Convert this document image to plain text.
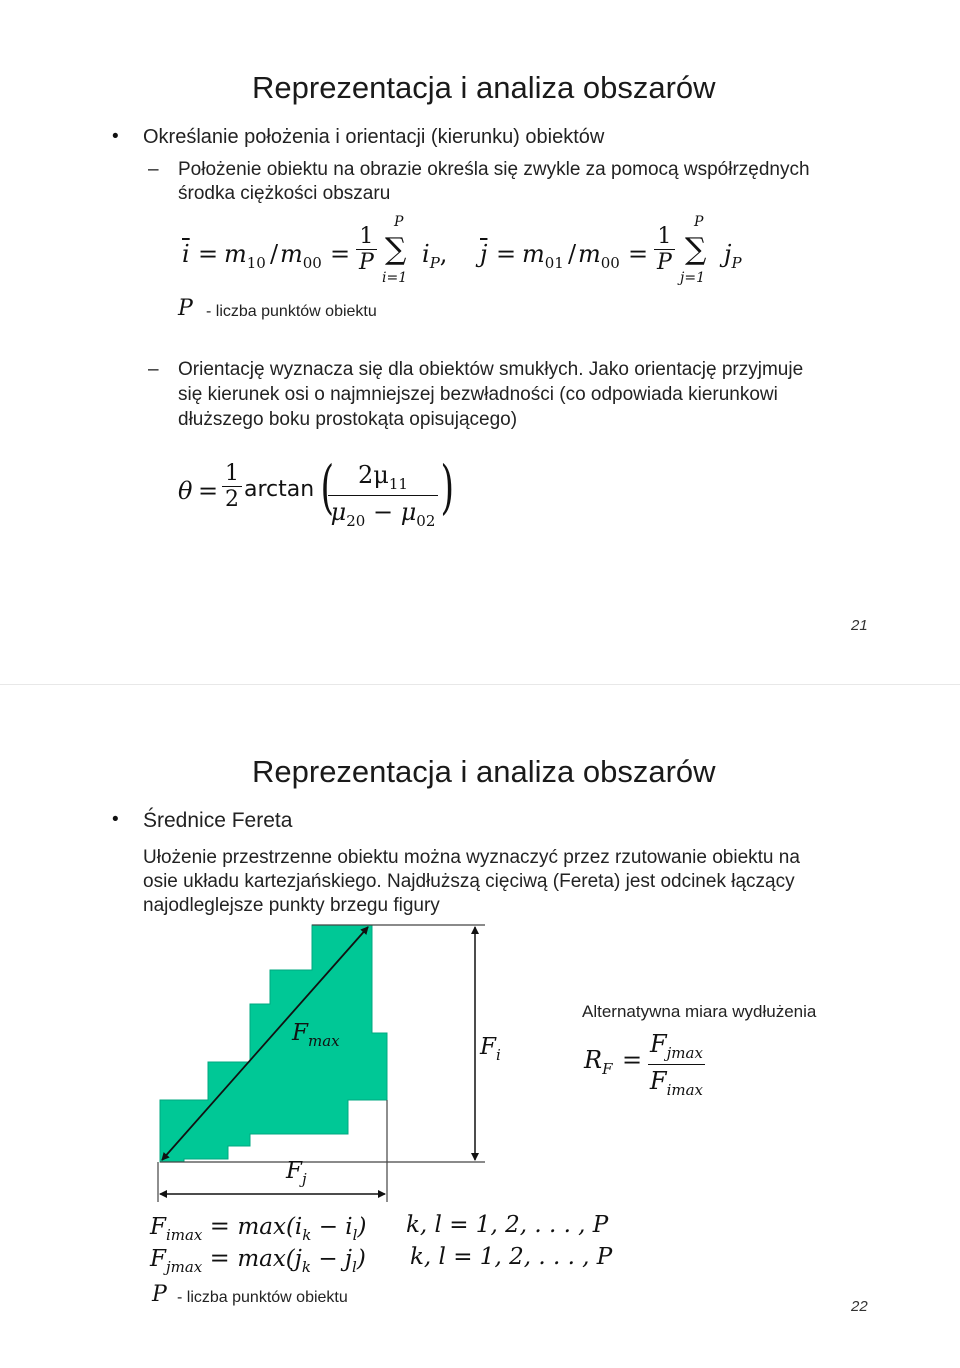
Reprezentacja i analiza obszarów
• Określanie położenia i orientacji (kierunku) obiektów
– Położenie obiektu na obrazie określa się zwykle za pomocą współrzędnych
środka ciężkości obszaru
$\overline{i} = m_{10} / m_{00} = \frac{1}{P}$
P
∑
i=1
$i_P$, $\overline{j} = m_{01} / m_{00} = \frac{1}{P}$
P
∑
j=1
$j_P$
P - liczba punktów obiektu
– Orientację wyznacza się dla obiektów smukłych. Jako orientację przyjmuje
się kierunek osi o najmniejszej bezwładności (co odpowiada kierunkowi
dłuższego boku prostokąta opisującego)
$\theta = \frac{1}{2}$ arctan ( $2\mu_{11}$
$\mu_{20} - \mu_{02}$ )
21
Reprezentacja i analiza obszarów
• Średnice Fereta
Ułożenie przestrzenne obiektu można wyznaczyć przez rzutowanie obiektu na
osie układu kartezjańskiego. Najdłuższą cięciwą (Fereta) jest odcinek łączący
najodleglejsze punkty brzegu figury
$F_{max}$	$F_i$
$F_j$
Alternatywna miara wydłużenia
$R_F$ =
$F_{jmax}$
$F_{imax}$
$F_{imax} = \max(i_k - i_l)$ k, l = 1, 2, . . . , P
$F_{jmax} = \max(j_k - j_l)$ k, l = 1, 2, . . . , P
P - liczba punktów obiektu
22
